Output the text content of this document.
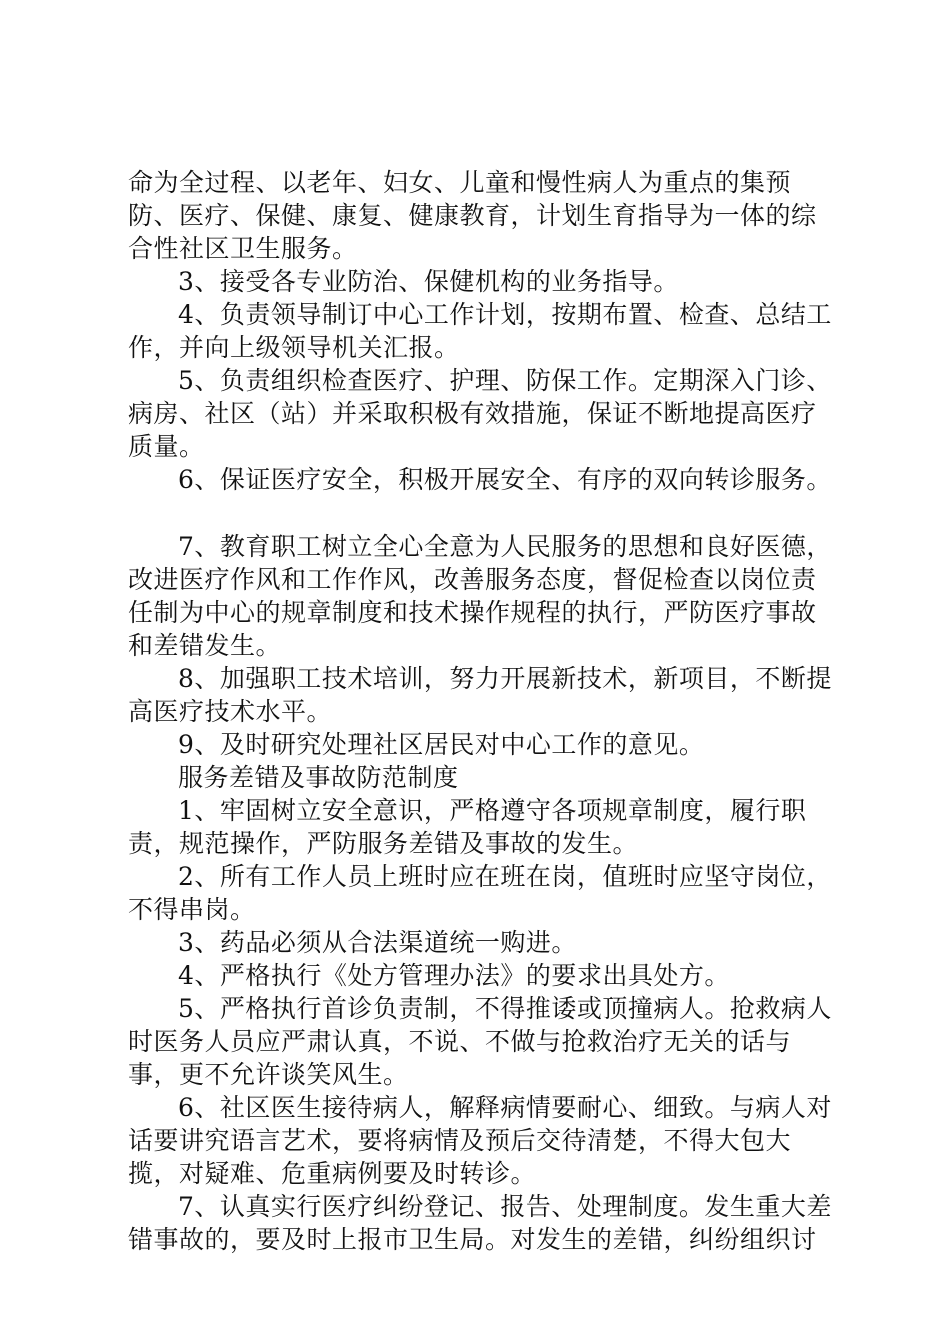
命为全过程、以老年、妇女、儿童和慢性病人为重点的集预防、医疗、保健、康复、健康教育，计划生育指导为一体的综合性社区卫生服务。

3、接受各专业防治、保健机构的业务指导。

4、负责领导制订中心工作计划，按期布置、检查、总结工作，并向上级领导机关汇报。

5、负责组织检查医疗、护理、防保工作。定期深入门诊、病房、社区（站）并采取积极有效措施，保证不断地提高医疗质量。

6、保证医疗安全，积极开展安全、有序的双向转诊服务。

7、教育职工树立全心全意为人民服务的思想和良好医德，改进医疗作风和工作作风，改善服务态度，督促检查以岗位责任制为中心的规章制度和技术操作规程的执行，严防医疗事故和差错发生。

8、加强职工技术培训，努力开展新技术，新项目，不断提高医疗技术水平。

9、及时研究处理社区居民对中心工作的意见。

服务差错及事故防范制度

1、牢固树立安全意识，严格遵守各项规章制度，履行职责，规范操作，严防服务差错及事故的发生。

2、所有工作人员上班时应在班在岗，值班时应坚守岗位，不得串岗。

3、药品必须从合法渠道统一购进。

4、严格执行《处方管理办法》的要求出具处方。

5、严格执行首诊负责制，不得推诿或顶撞病人。抢救病人时医务人员应严肃认真，不说、不做与抢救治疗无关的话与事，更不允许谈笑风生。

6、社区医生接待病人，解释病情要耐心、细致。与病人对话要讲究语言艺术，要将病情及预后交待清楚，不得大包大揽，对疑难、危重病例要及时转诊。

7、认真实行医疗纠纷登记、报告、处理制度。发生重大差错事故的，要及时上报市卫生局。对发生的差错，纠纷组织讨
